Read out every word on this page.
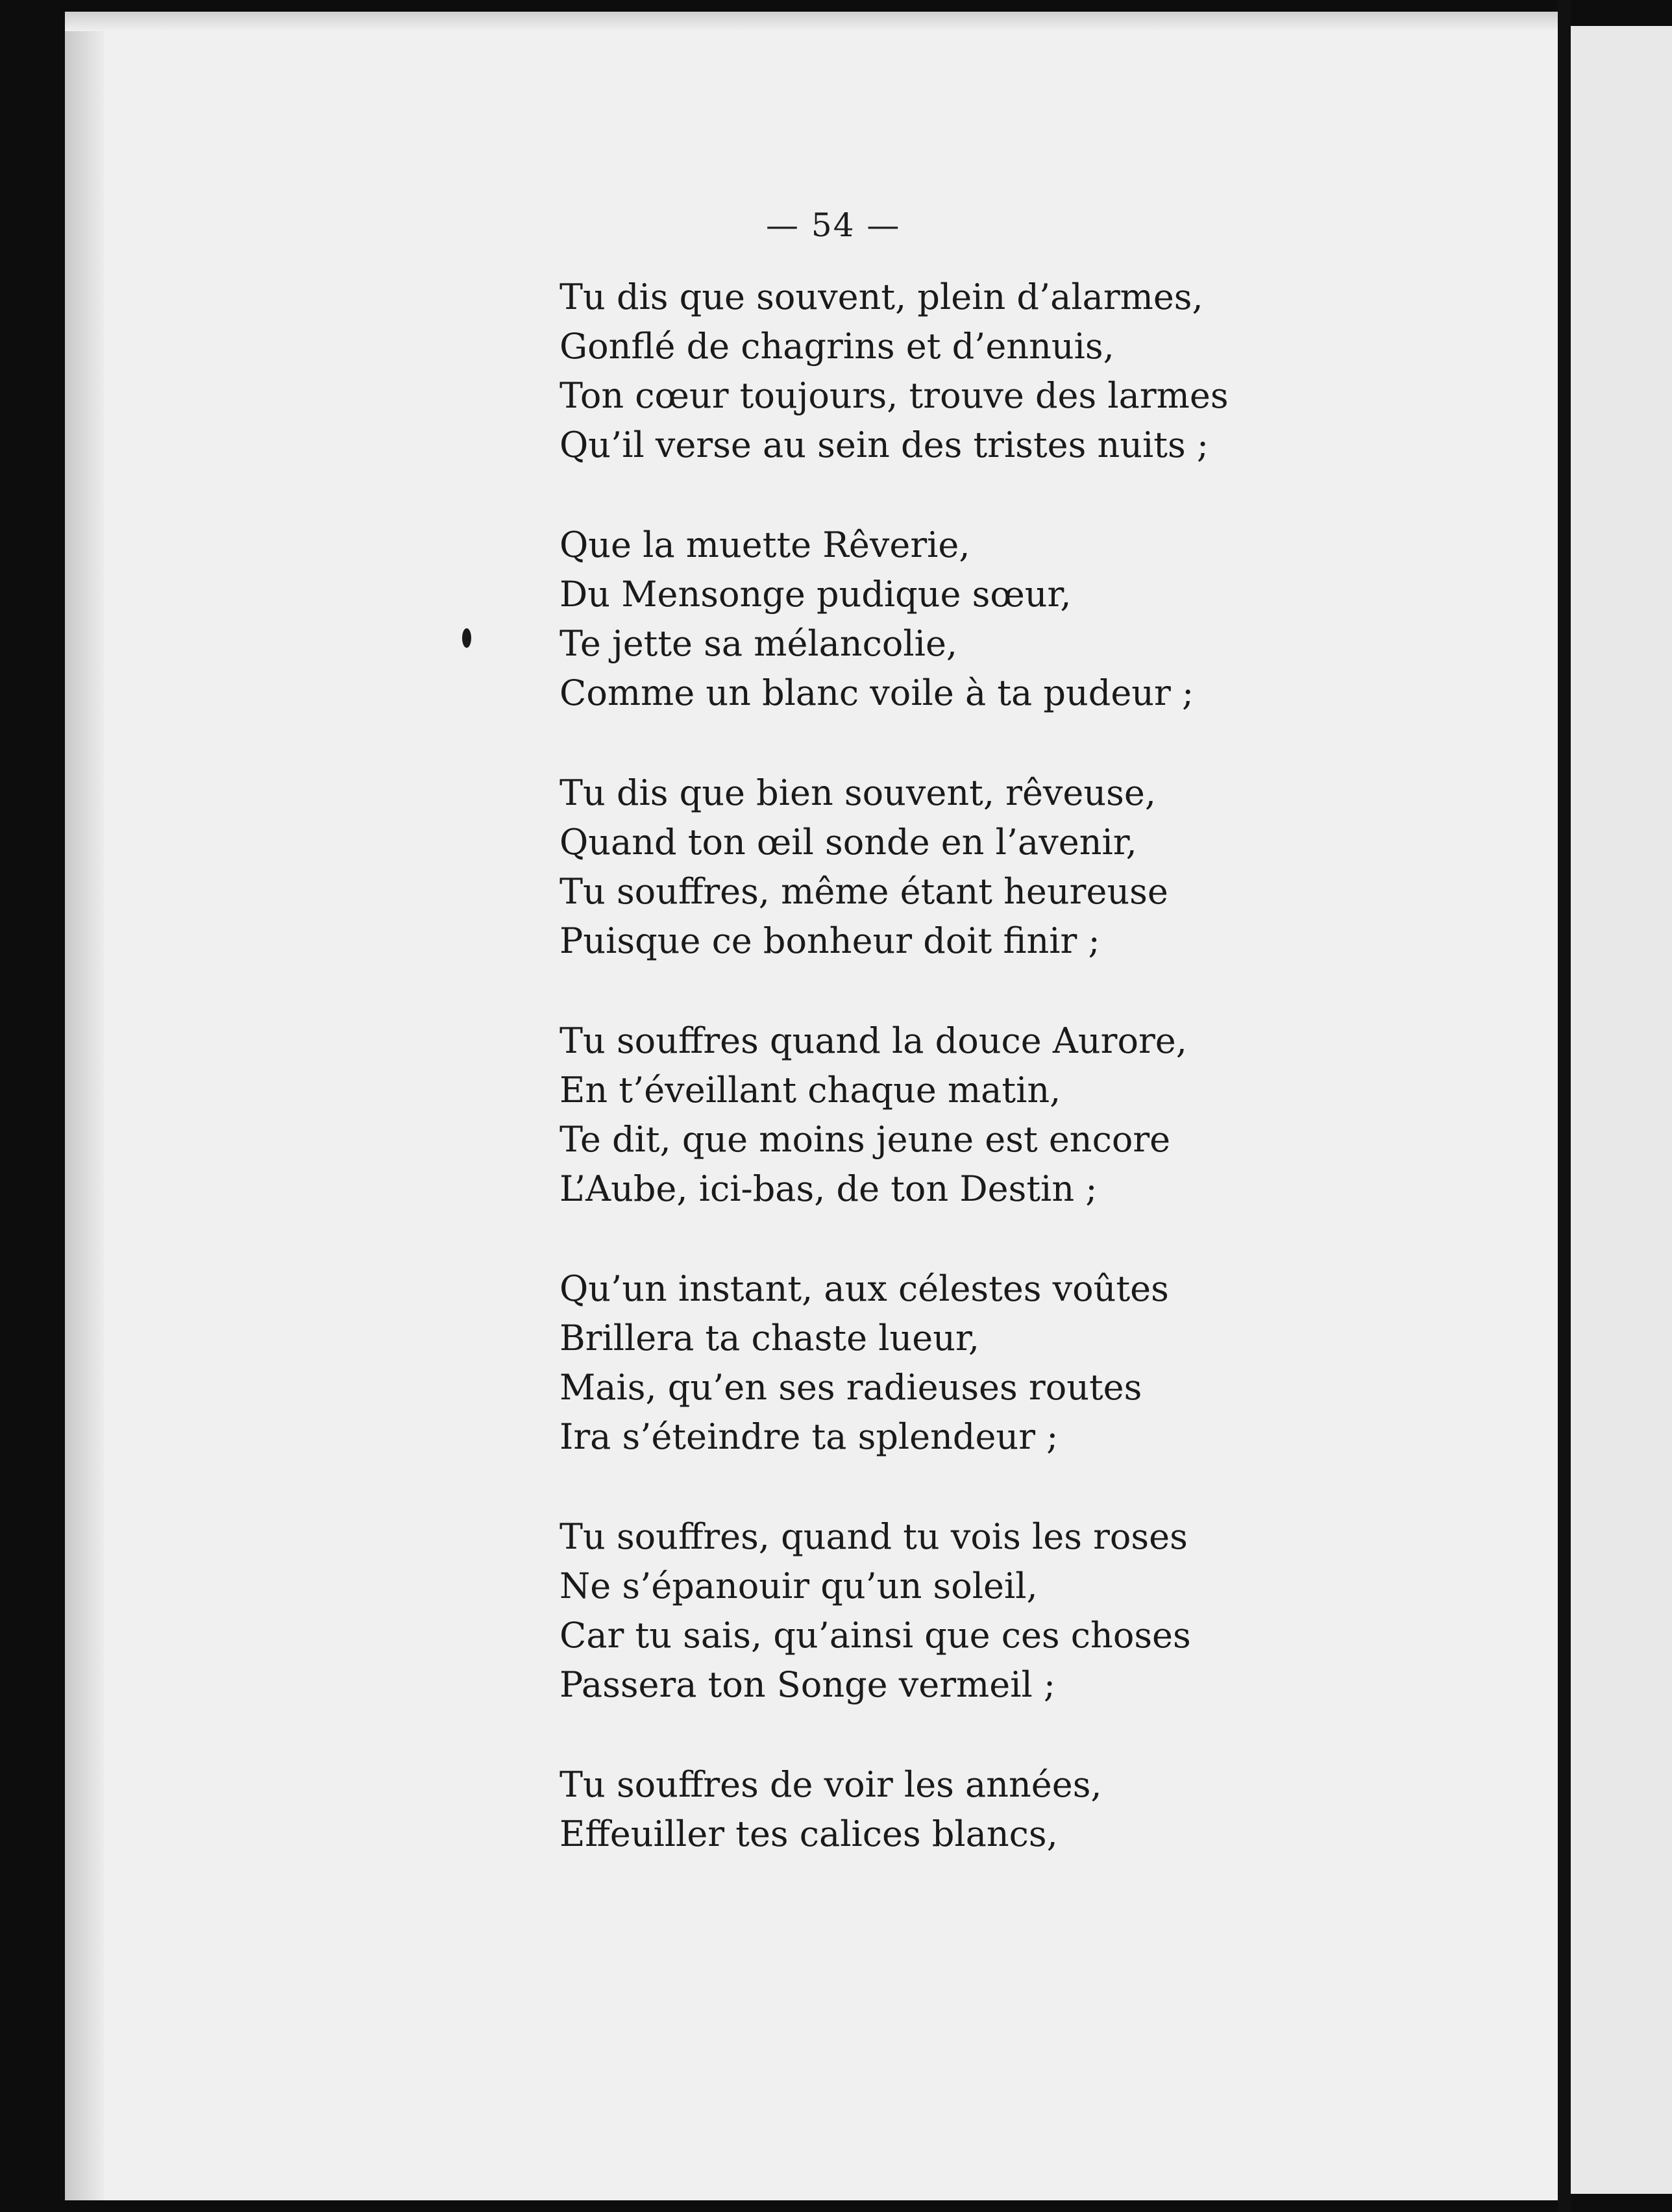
— 54 —
Tu dis que souvent, plein d’alarmes,
Gonflé de chagrins et d’ennuis,
Ton cœur toujours, trouve des larmes
Qu’il verse au sein des tristes nuits ;
Que la muette Rêverie,
Du Mensonge pudique sœur,
Te jette sa mélancolie,
Comme un blanc voile à ta pudeur ;
Tu dis que bien souvent, rêveuse,
Quand ton œil sonde en l’avenir,
Tu souffres, même étant heureuse
Puisque ce bonheur doit finir ;
Tu souffres quand la douce Aurore,
En t’éveillant chaque matin,
Te dit, que moins jeune est encore
L’Aube, ici-bas, de ton Destin ;
Qu’un instant, aux célestes voûtes
Brillera ta chaste lueur,
Mais, qu’en ses radieuses routes
Ira s’éteindre ta splendeur ;
Tu souffres, quand tu vois les roses
Ne s’épanouir qu’un soleil,
Car tu sais, qu’ainsi que ces choses
Passera ton Songe vermeil ;
Tu souffres de voir les années,
Effeuiller tes calices blancs,
